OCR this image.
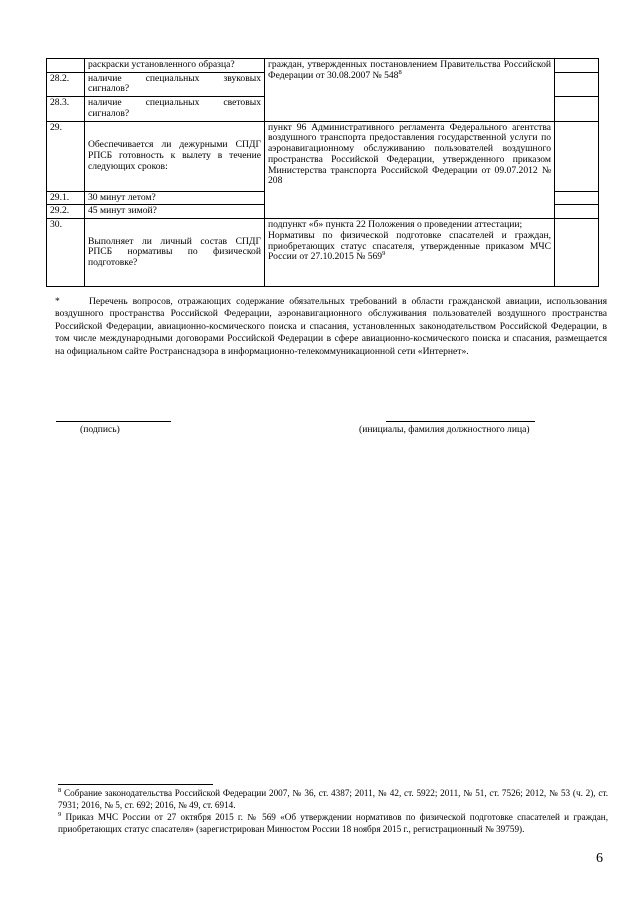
	раскраски установленного образца?	граждан, утвержденных постановлением Правительства Российской Федерации от 30.08.2007 № $548^8$	
28.2.	наличие специальных звуковых сигналов?		
28.3.	наличие специальных световых сигналов?		
29.	Обеспечивается ли дежурными СПДГ РПСБ готовность к вылету в течение следующих сроков:	пункт 96 Административного регламента Федерального агентства воздушного транспорта предоставления государственной услуги по аэронавигационному обслуживанию пользователей воздушного пространства Российской Федерации, утвержденного приказом Министерства транспорта Российской Федерации от 09.07.2012 № 208	
29.1.	30 минут летом?		
29.2.	45 минут зимой?		
30.	Выполняет ли личный состав СПДГ РПСБ нормативы по физической подготовке?	подпункт «б» пункта 22 Положения о проведении аттестации;
Нормативы по физической подготовке спасателей и граждан, приобретающих статус спасателя, утвержденные приказом МЧС России от 27.10.2015 № $569^9$

*	Перечень вопросов, отражающих содержание обязательных требований в области гражданской авиации, использования воздушного пространства Российской Федерации, аэронавигационного обслуживания пользователей воздушного пространства Российской Федерации, авиационно-космического поиска и спасания, установленных законодательством Российской Федерации, в том числе международными договорами Российской Федерации в сфере авиационно-космического поиска и спасания, размещается на официальном сайте Ространснадзора в информационно-телекоммуникационной сети «Интернет».
(подпись)	(инициалы, фамилия должностного лица)

$^8$ Собрание законодательства Российской Федерации 2007, № 36, ст. 4387; 2011, № 42, ст. 5922; 2011, № 51, ст. 7526; 2012, № 53 (ч. 2), ст. 7931; 2016, № 5, ст. 692; 2016, № 49, ст. 6914.

$^9$ Приказ МЧС России от 27 октября 2015 г. № 569 «Об утверждении нормативов по физической подготовке спасателей и граждан, приобретающих статус спасателя» (зарегистрирован Минюстом России 18 ноября 2015 г., регистрационный № 39759).

6
